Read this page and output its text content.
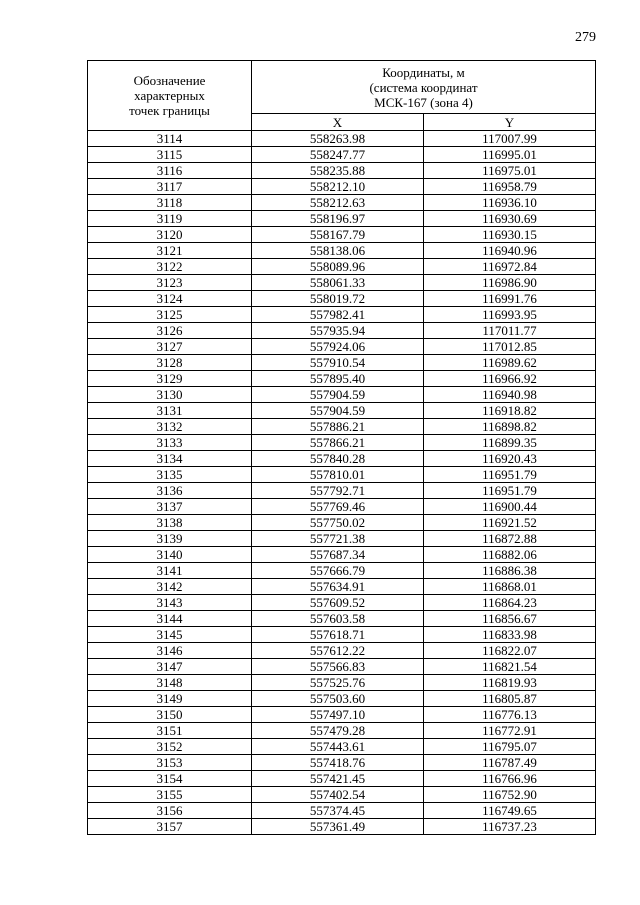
279
Обозначение
характерных
точек границы	Координаты, м
(система координат
МСК-167 (зона 4)	

	X	Y
3114	558263.98	117007.99
3115	558247.77	116995.01
3116	558235.88	116975.01
3117	558212.10	116958.79
3118	558212.63	116936.10
3119	558196.97	116930.69
3120	558167.79	116930.15
3121	558138.06	116940.96
3122	558089.96	116972.84
3123	558061.33	116986.90
3124	558019.72	116991.76
3125	557982.41	116993.95
3126	557935.94	117011.77
3127	557924.06	117012.85
3128	557910.54	116989.62
3129	557895.40	116966.92
3130	557904.59	116940.98
3131	557904.59	116918.82
3132	557886.21	116898.82
3133	557866.21	116899.35
3134	557840.28	116920.43
3135	557810.01	116951.79
3136	557792.71	116951.79
3137	557769.46	116900.44
3138	557750.02	116921.52
3139	557721.38	116872.88
3140	557687.34	116882.06
3141	557666.79	116886.38
3142	557634.91	116868.01
3143	557609.52	116864.23
3144	557603.58	116856.67
3145	557618.71	116833.98
3146	557612.22	116822.07
3147	557566.83	116821.54
3148	557525.76	116819.93
3149	557503.60	116805.87
3150	557497.10	116776.13
3151	557479.28	116772.91
3152	557443.61	116795.07
3153	557418.76	116787.49
3154	557421.45	116766.96
3155	557402.54	116752.90
3156	557374.45	116749.65
3157	557361.49	116737.23
